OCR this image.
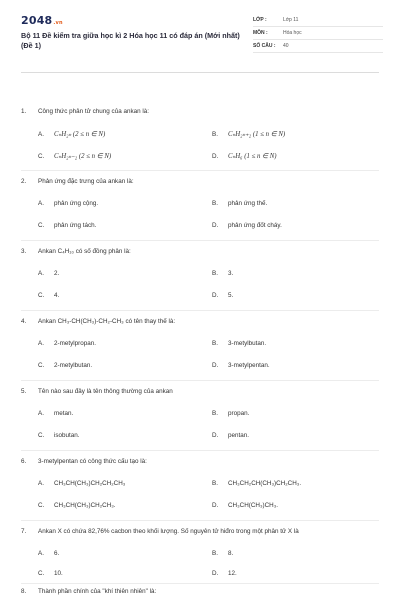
2048.vn
Bộ 11 Đề kiểm tra giữa học kì 2 Hóa học 11 có đáp án (Mới nhất) (Đề 1)
LỚP :	Lớp 11
MÔN :	Hóa học
SỐ CÂU :	40
1. Công thức phân tử chung của ankan là:
A.	CₙH₂ₙ (2 ≤ n ∈ N)	B.	CₙH₂ₙ₊₂ (1 ≤ n ∈ N)
C.	CₙH₂ₙ₋₂ (2 ≤ n ∈ N)	D.	CₙH₆ (1 ≤ n ∈ N)
2. Phản ứng đặc trưng của ankan là:
A.	phản ứng cộng.	B.	phản ứng thế.
C.	phản ứng tách.	D.	phản ứng đốt cháy.
3. Ankan C₄H₁₀ có số đồng phân là:
A.	2.	B.	3.
C.	4.	D.	5.
4. Ankan CH₃-CH(CH₃)-CH₂-CH₃ có tên thay thế là:
A.	2-metylpropan.	B.	3-metylbutan.
C.	2-metylbutan.	D.	3-metylpentan.
5. Tên nào sau đây là tên thông thường của ankan
A.	metan.	B.	propan.
C.	isobutan.	D.	pentan.
6. 3-metylpentan có công thức cấu tạo là:
A.	CH₃CH(CH₃)CH₂CH₂CH₃	B.	CH₃CH₂CH(CH₃)CH₂CH₃.
C.	CH₃CH(CH₃)CH₂CH₃.	D.	CH₃CH(CH₃)CH₃.
7. Ankan X có chứa 82,76% cacbon theo khối lượng. Số nguyên tử hiđro trong một phân tử X là
A.	6.	B.	8.
C.	10.	D.	12.
8. Thành phần chính của "khí thiên nhiên" là:
